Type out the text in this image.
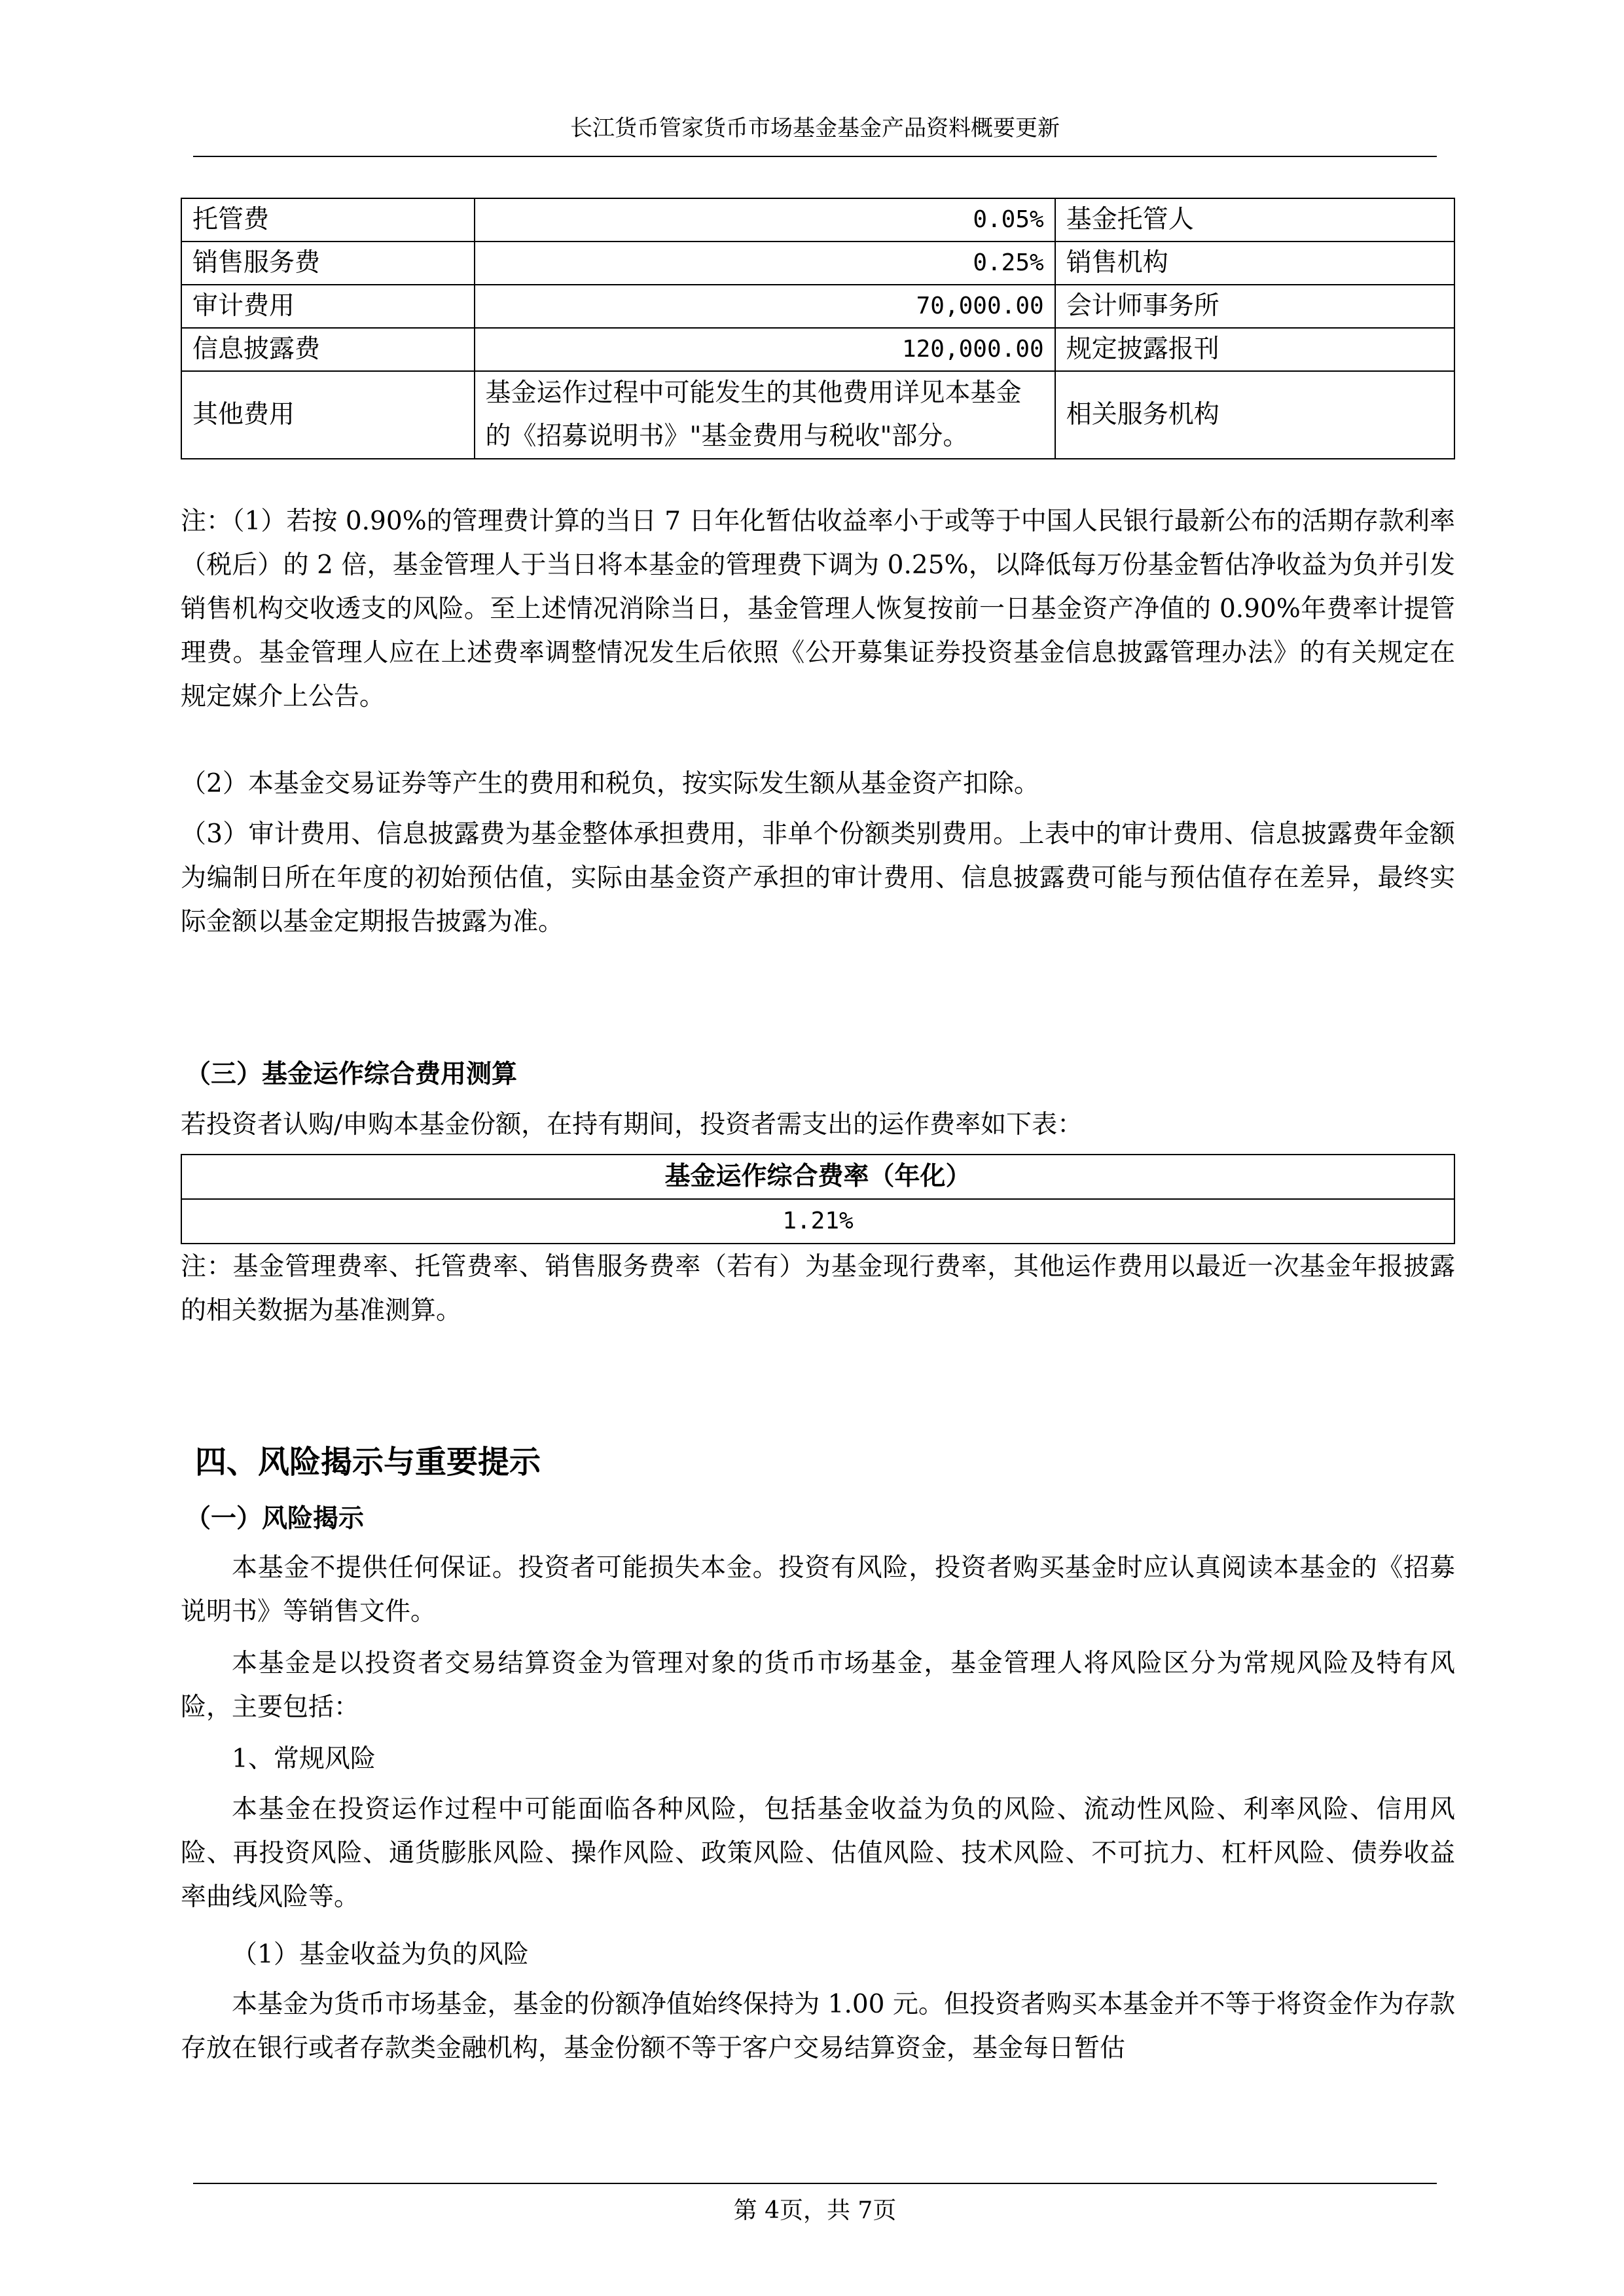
长江货币管家货币市场基金基金产品资料概要更新
托管费	0.05%	基金托管人
销售服务费	0.25%	销售机构
审计费用	70,000.00	会计师事务所
信息披露费	120,000.00	规定披露报刊
其他费用	基金运作过程中可能发生的其他费用详见本基金的《招募说明书》"基金费用与税收"部分。	相关服务机构

注：（1）若按 0.90%的管理费计算的当日 7 日年化暂估收益率小于或等于中国人民银行最新公布的活期存款利率（税后）的 2 倍，基金管理人于当日将本基金的管理费下调为 0.25%，以降低每万份基金暂估净收益为负并引发销售机构交收透支的风险。至上述情况消除当日，基金管理人恢复按前一日基金资产净值的 0.90%年费率计提管理费。基金管理人应在上述费率调整情况发生后依照《公开募集证券投资基金信息披露管理办法》的有关规定在规定媒介上公告。

（2）本基金交易证券等产生的费用和税负，按实际发生额从基金资产扣除。

（3）审计费用、信息披露费为基金整体承担费用，非单个份额类别费用。上表中的审计费用、信息披露费年金额为编制日所在年度的初始预估值，实际由基金资产承担的审计费用、信息披露费可能与预估值存在差异，最终实际金额以基金定期报告披露为准。

（三）基金运作综合费用测算

若投资者认购/申购本基金份额，在持有期间，投资者需支出的运作费率如下表：

基金运作综合费率（年化）
1.21%

注：基金管理费率、托管费率、销售服务费率（若有）为基金现行费率，其他运作费用以最近一次基金年报披露的相关数据为基准测算。

四、风险揭示与重要提示
（一）风险揭示

本基金不提供任何保证。投资者可能损失本金。投资有风险，投资者购买基金时应认真阅读本基金的《招募说明书》等销售文件。

本基金是以投资者交易结算资金为管理对象的货币市场基金，基金管理人将风险区分为常规风险及特有风险，主要包括：

1、常规风险

本基金在投资运作过程中可能面临各种风险，包括基金收益为负的风险、流动性风险、利率风险、信用风险、再投资风险、通货膨胀风险、操作风险、政策风险、估值风险、技术风险、不可抗力、杠杆风险、债券收益率曲线风险等。

（1）基金收益为负的风险

本基金为货币市场基金，基金的份额净值始终保持为 1.00 元。但投资者购买本基金并不等于将资金作为存款存放在银行或者存款类金融机构，基金份额不等于客户交易结算资金，基金每日暂估

第 4页，共 7页
